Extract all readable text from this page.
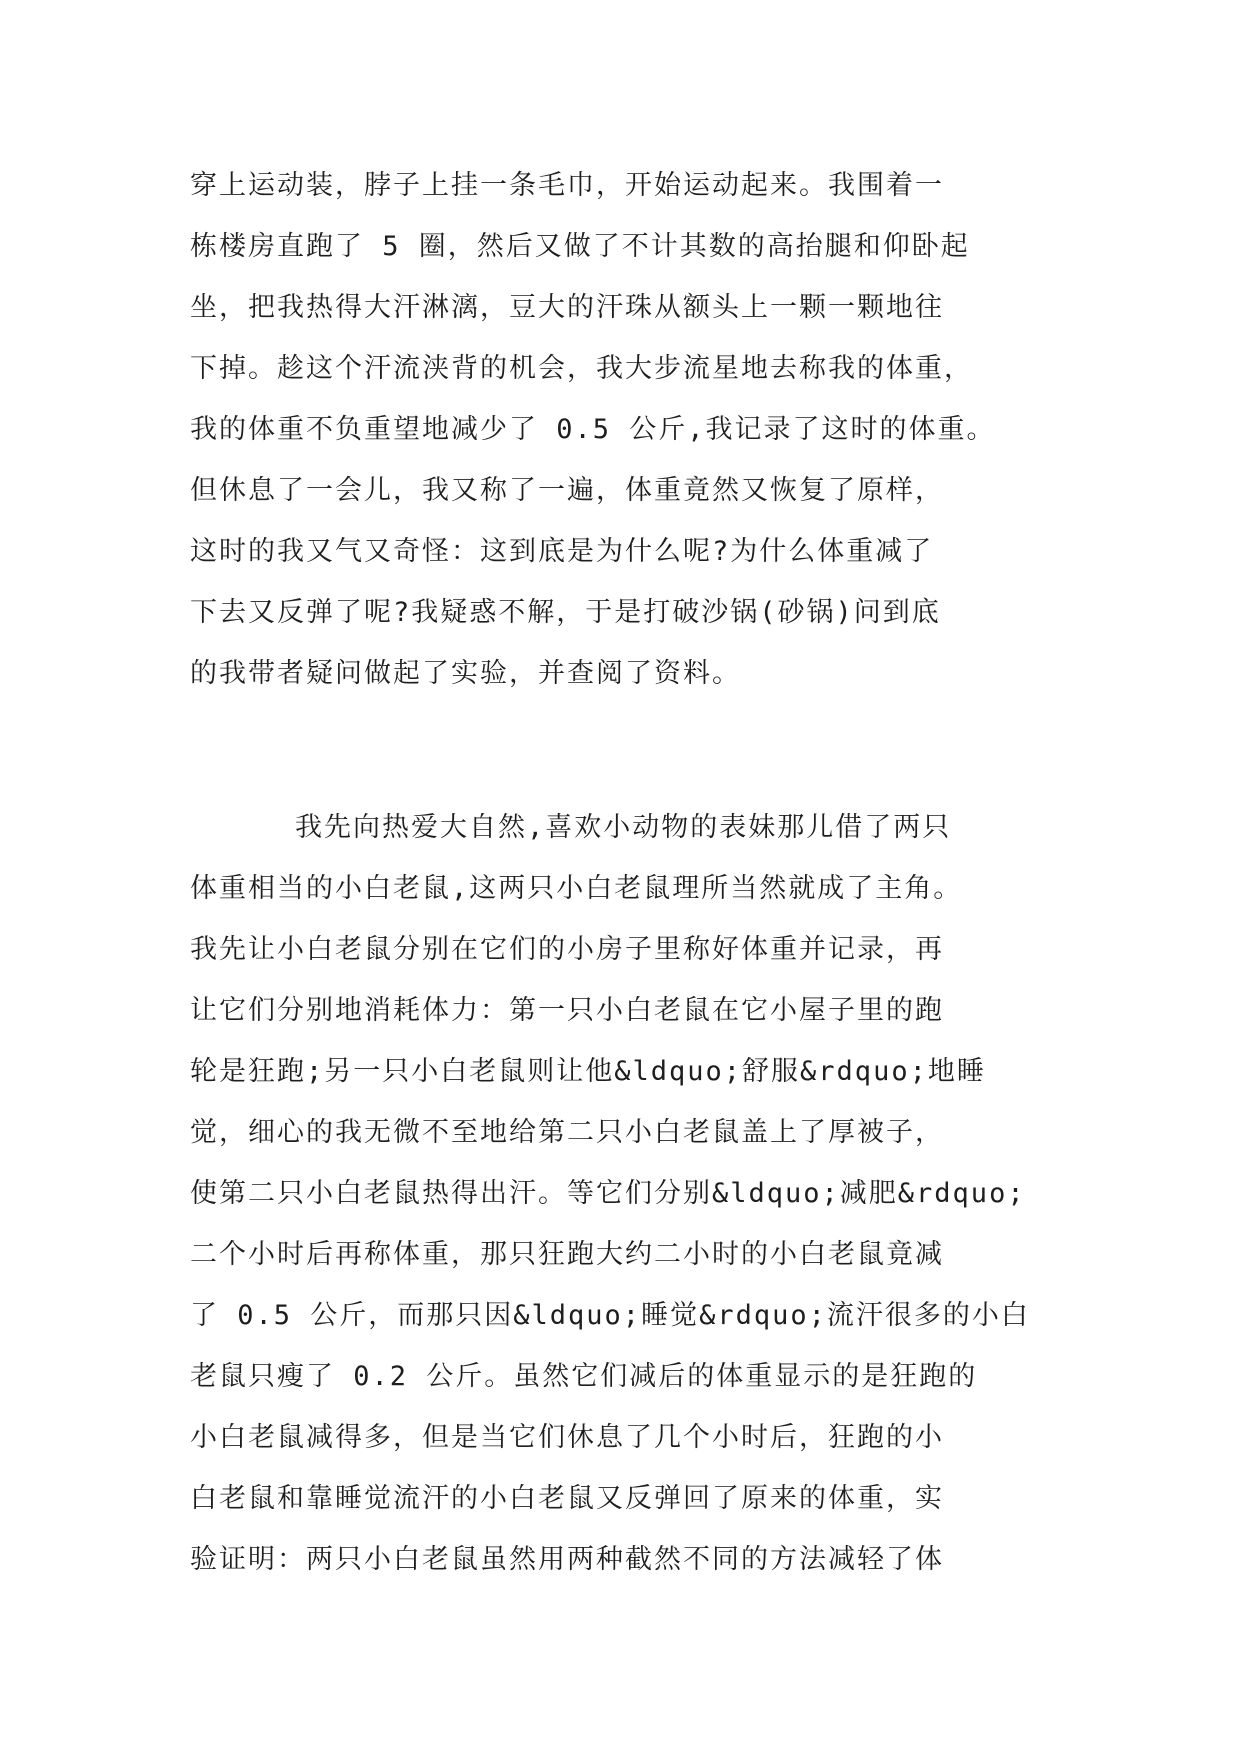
穿上运动装，脖子上挂一条毛巾，开始运动起来。我围着一
栋楼房直跑了 5 圈，然后又做了不计其数的高抬腿和仰卧起
坐，把我热得大汗淋漓，豆大的汗珠从额头上一颗一颗地往
下掉。趁这个汗流浃背的机会，我大步流星地去称我的体重，
我的体重不负重望地减少了 0.5 公斤,我记录了这时的体重。
但休息了一会儿，我又称了一遍，体重竟然又恢复了原样，
这时的我又气又奇怪：这到底是为什么呢?为什么体重减了
下去又反弹了呢?我疑惑不解，于是打破沙锅(砂锅)问到底
的我带者疑问做起了实验，并查阅了资料。
我先向热爱大自然,喜欢小动物的表妹那儿借了两只
体重相当的小白老鼠,这两只小白老鼠理所当然就成了主角。
我先让小白老鼠分别在它们的小房子里称好体重并记录，再
让它们分别地消耗体力：第一只小白老鼠在它小屋子里的跑
轮是狂跑;另一只小白老鼠则让他&ldquo;舒服&rdquo;地睡
觉，细心的我无微不至地给第二只小白老鼠盖上了厚被子，
使第二只小白老鼠热得出汗。等它们分别&ldquo;减肥&rdquo;
二个小时后再称体重，那只狂跑大约二小时的小白老鼠竟减
了 0.5 公斤，而那只因&ldquo;睡觉&rdquo;流汗很多的小白
老鼠只瘦了 0.2 公斤。虽然它们减后的体重显示的是狂跑的
小白老鼠减得多，但是当它们休息了几个小时后，狂跑的小
白老鼠和靠睡觉流汗的小白老鼠又反弹回了原来的体重，实
验证明：两只小白老鼠虽然用两种截然不同的方法减轻了体
